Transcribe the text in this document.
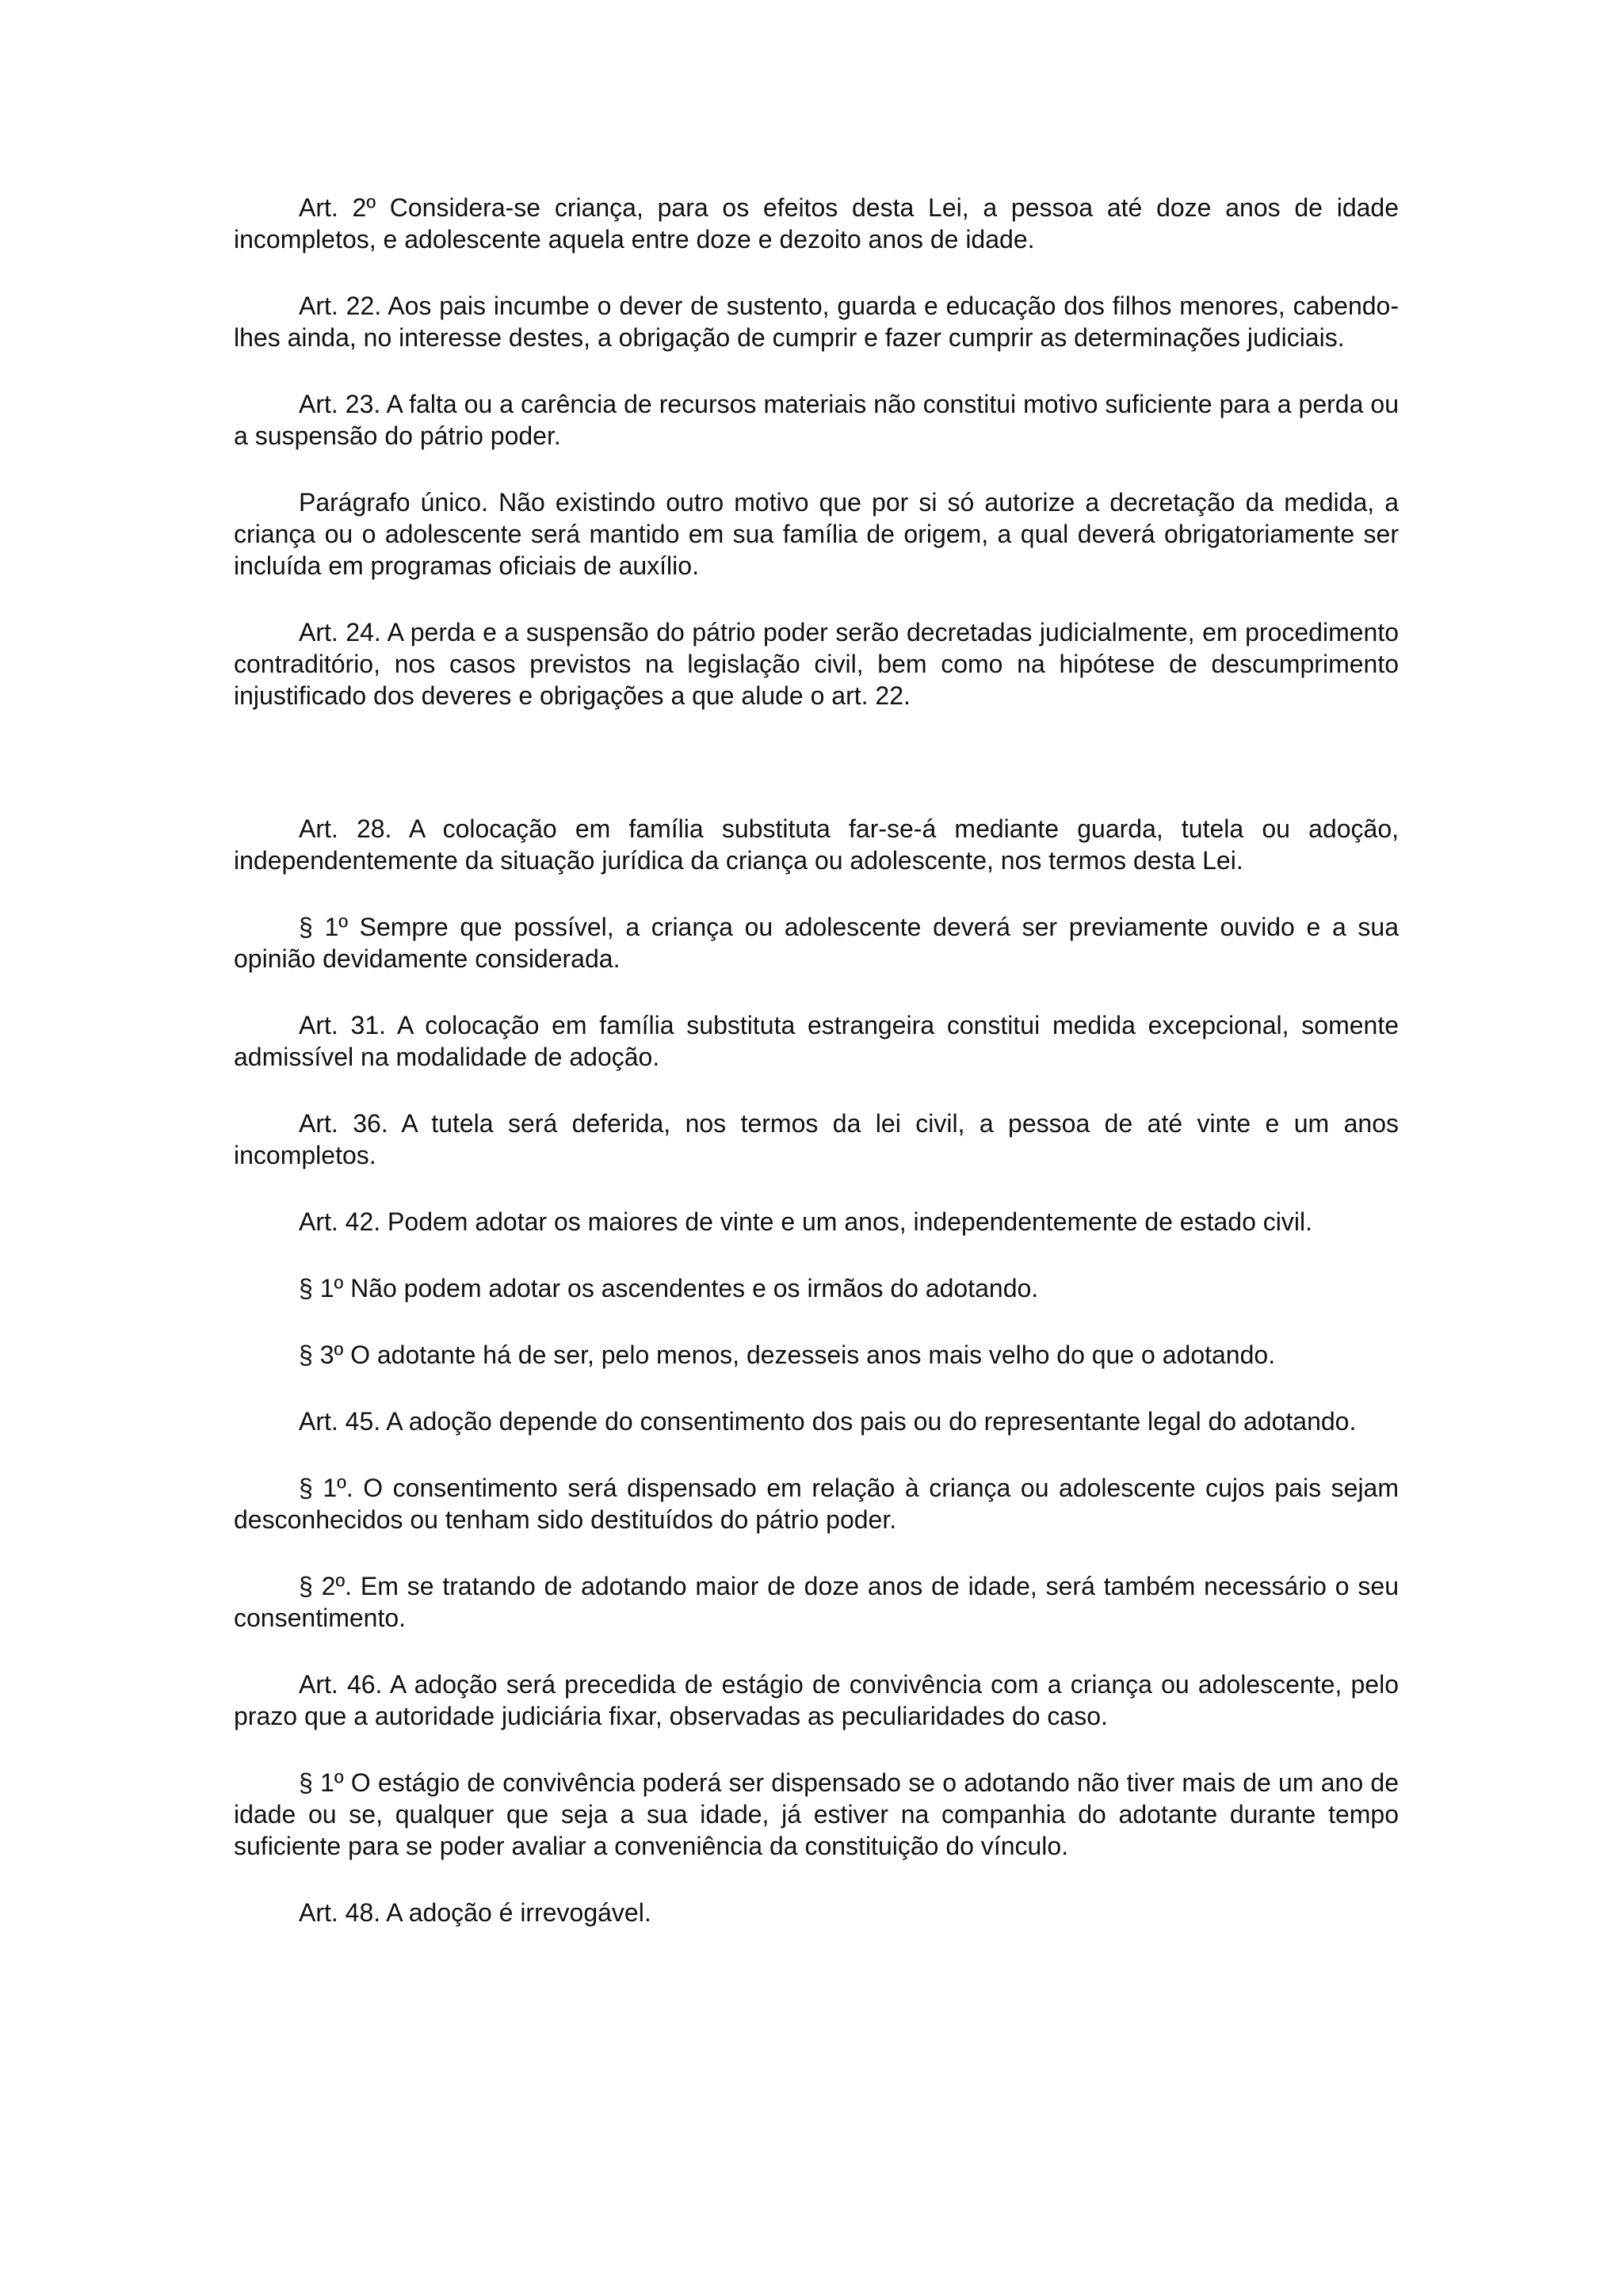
Art. 2º Considera-se criança, para os efeitos desta Lei, a pessoa até doze anos de idade incompletos, e adolescente aquela entre doze e dezoito anos de idade.

Art. 22. Aos pais incumbe o dever de sustento, guarda e educação dos filhos menores, cabendo-lhes ainda, no interesse destes, a obrigação de cumprir e fazer cumprir as determinações judiciais.

Art. 23. A falta ou a carência de recursos materiais não constitui motivo suficiente para a perda ou a suspensão do pátrio poder.

Parágrafo único. Não existindo outro motivo que por si só autorize a decretação da medida, a criança ou o adolescente será mantido em sua família de origem, a qual deverá obrigatoriamente ser incluída em programas oficiais de auxílio.

Art. 24. A perda e a suspensão do pátrio poder serão decretadas judicialmente, em procedimento contraditório, nos casos previstos na legislação civil, bem como na hipótese de descumprimento injustificado dos deveres e obrigações a que alude o art. 22.

Art. 28. A colocação em família substituta far-se-á mediante guarda, tutela ou adoção, independentemente da situação jurídica da criança ou adolescente, nos termos desta Lei.

§ 1º Sempre que possível, a criança ou adolescente deverá ser previamente ouvido e a sua opinião devidamente considerada.

Art. 31. A colocação em família substituta estrangeira constitui medida excepcional, somente admissível na modalidade de adoção.

Art. 36. A tutela será deferida, nos termos da lei civil, a pessoa de até vinte e um anos incompletos.

Art. 42. Podem adotar os maiores de vinte e um anos, independentemente de estado civil.

§ 1º Não podem adotar os ascendentes e os irmãos do adotando.

§ 3º O adotante há de ser, pelo menos, dezesseis anos mais velho do que o adotando.

Art. 45. A adoção depende do consentimento dos pais ou do representante legal do adotando.

§ 1º. O consentimento será dispensado em relação à criança ou adolescente cujos pais sejam desconhecidos ou tenham sido destituídos do pátrio poder.

§ 2º. Em se tratando de adotando maior de doze anos de idade, será também necessário o seu consentimento.

Art. 46. A adoção será precedida de estágio de convivência com a criança ou adolescente, pelo prazo que a autoridade judiciária fixar, observadas as peculiaridades do caso.

§ 1º O estágio de convivência poderá ser dispensado se o adotando não tiver mais de um ano de idade ou se, qualquer que seja a sua idade, já estiver na companhia do adotante durante tempo suficiente para se poder avaliar a conveniência da constituição do vínculo.

Art. 48. A adoção é irrevogável.
